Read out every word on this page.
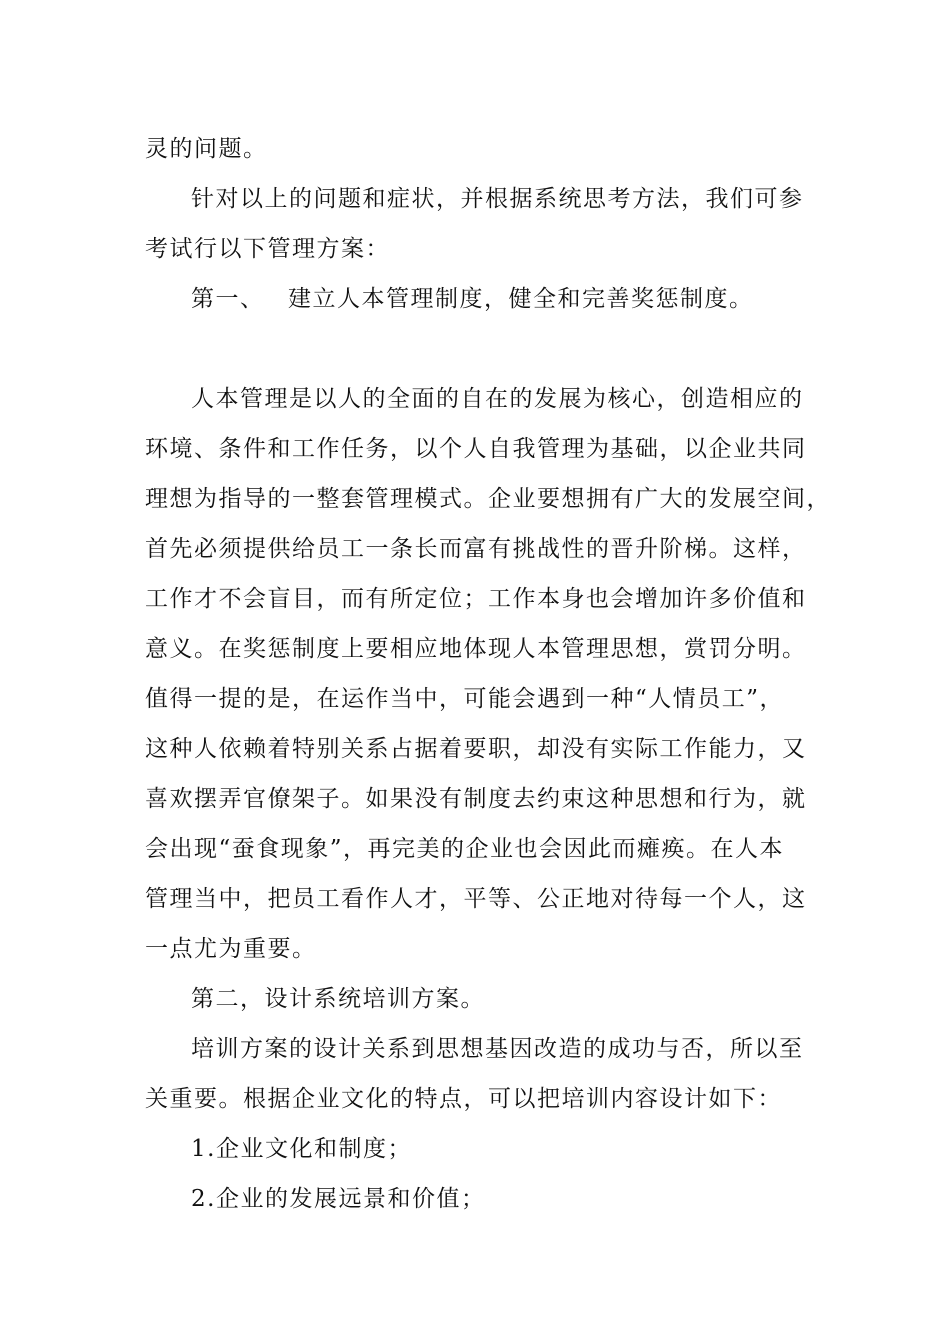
灵的问题。
针对以上的问题和症状，并根据系统思考方法，我们可参
考试行以下管理方案：
第一、 建立人本管理制度，健全和完善奖惩制度。
人本管理是以人的全面的自在的发展为核心，创造相应的
环境、条件和工作任务，以个人自我管理为基础，以企业共同
理想为指导的一整套管理模式。企业要想拥有广大的发展空间，
首先必须提供给员工一条长而富有挑战性的晋升阶梯。这样，
工作才不会盲目，而有所定位；工作本身也会增加许多价值和
意义。在奖惩制度上要相应地体现人本管理思想，赏罚分明。
值得一提的是，在运作当中，可能会遇到一种“人情员工”，
这种人依赖着特别关系占据着要职，却没有实际工作能力，又
喜欢摆弄官僚架子。如果没有制度去约束这种思想和行为，就
会出现“蚕食现象”，再完美的企业也会因此而瘫痪。在人本
管理当中，把员工看作人才，平等、公正地对待每一个人，这
一点尤为重要。
第二，设计系统培训方案。
培训方案的设计关系到思想基因改造的成功与否，所以至
关重要。根据企业文化的特点，可以把培训内容设计如下：
1.企业文化和制度；
2.企业的发展远景和价值；
